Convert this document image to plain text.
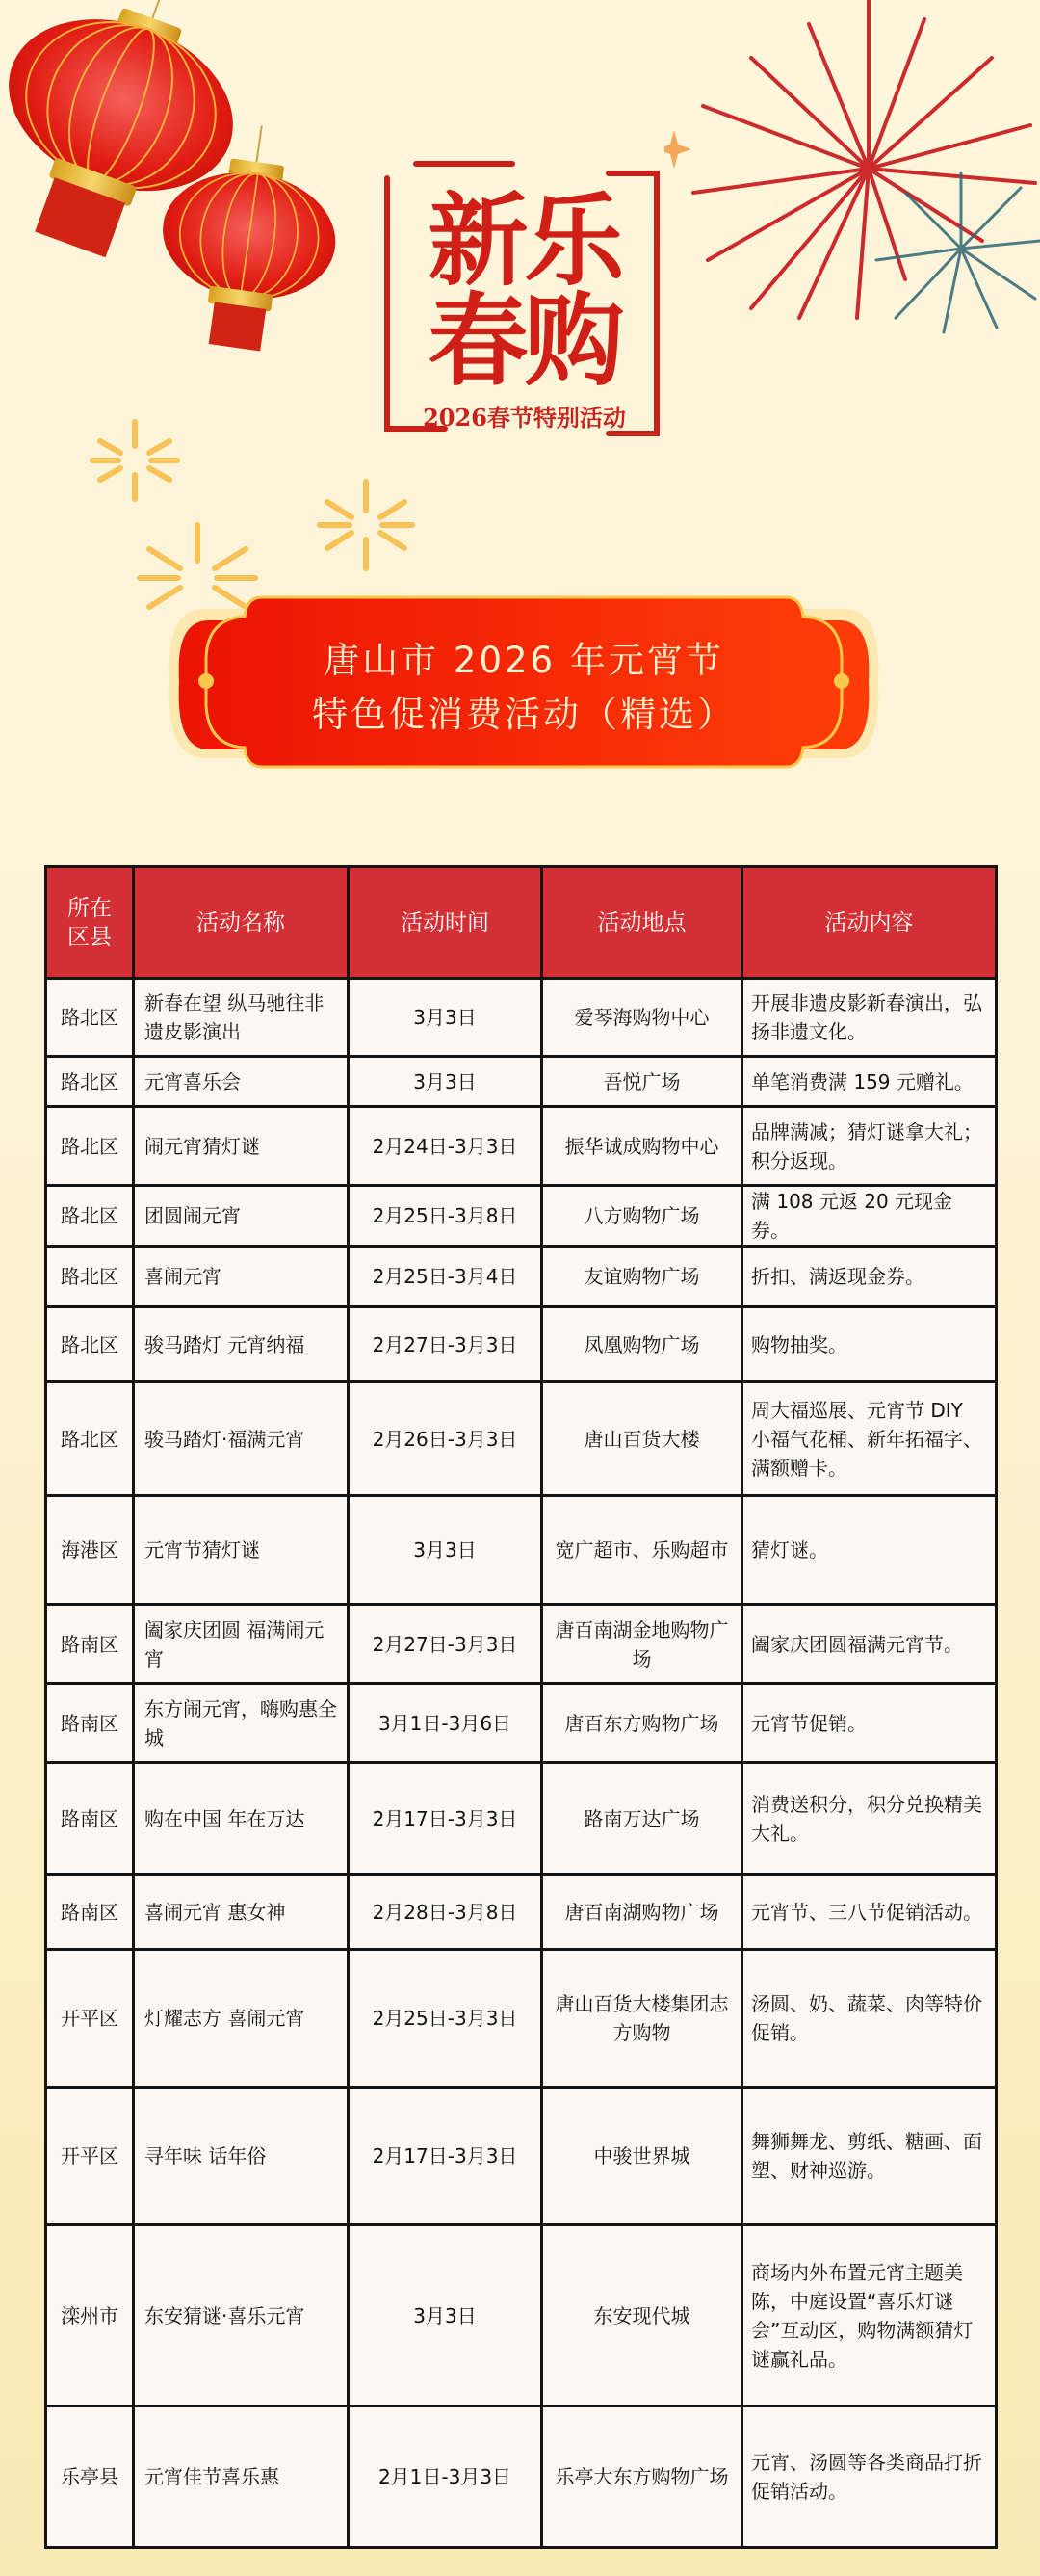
新乐
春购
2026春节特别活动
唐山市 2026 年元宵节
特色促消费活动（精选）
所在区县	活动名称	活动时间	活动地点	活动内容
路北区	新春在望 纵马驰往非遗皮影演出	3月3日	爱琴海购物中心	开展非遗皮影新春演出，弘扬非遗文化。
路北区	元宵喜乐会	3月3日	吾悦广场	单笔消费满 159 元赠礼。
路北区	闹元宵猜灯谜	2月24日-3月3日	振华诚成购物中心	品牌满减；猜灯谜拿大礼；积分返现。
路北区	团圆闹元宵	2月25日-3月8日	八方购物广场	满 108 元返 20 元现金券。
路北区	喜闹元宵	2月25日-3月4日	友谊购物广场	折扣、满返现金券。
路北区	骏马踏灯 元宵纳福	2月27日-3月3日	凤凰购物广场	购物抽奖。
路北区	骏马踏灯·福满元宵	2月26日-3月3日	唐山百货大楼	周大福巡展、元宵节 DIY 小福气花桶、新年拓福字、满额赠卡。
海港区	元宵节猜灯谜	3月3日	宽广超市、乐购超市	猜灯谜。
路南区	阖家庆团圆 福满闹元宵	2月27日-3月3日	唐百南湖金地购物广场	阖家庆团圆福满元宵节。
路南区	东方闹元宵，嗨购惠全城	3月1日-3月6日	唐百东方购物广场	元宵节促销。
路南区	购在中国 年在万达	2月17日-3月3日	路南万达广场	消费送积分，积分兑换精美大礼。
路南区	喜闹元宵 惠女神	2月28日-3月8日	唐百南湖购物广场	元宵节、三八节促销活动。
开平区	灯耀志方 喜闹元宵	2月25日-3月3日	唐山百货大楼集团志方购物	汤圆、奶、蔬菜、肉等特价促销。
开平区	寻年味 话年俗	2月17日-3月3日	中骏世界城	舞狮舞龙、剪纸、糖画、面塑、财神巡游。
滦州市	东安猜谜·喜乐元宵	3月3日	东安现代城	商场内外布置元宵主题美陈，中庭设置“喜乐灯谜会”互动区，购物满额猜灯谜赢礼品。
乐亭县	元宵佳节喜乐惠	2月1日-3月3日	乐亭大东方购物广场	元宵、汤圆等各类商品打折促销活动。
